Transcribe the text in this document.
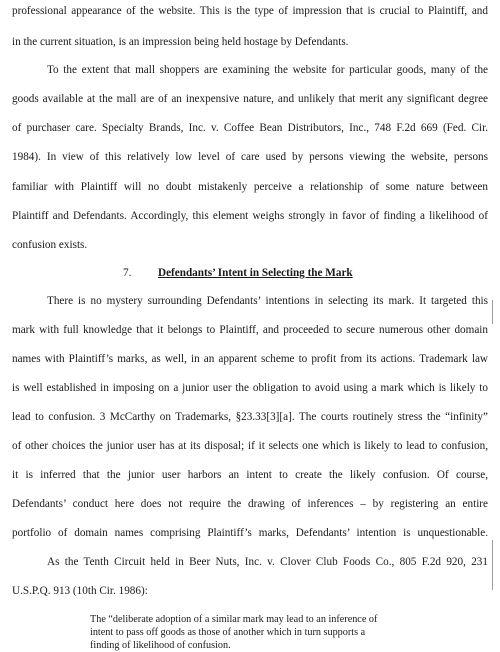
professional appearance of the website. This is the type of impression that is crucial to Plaintiff, and
in the current situation, is an impression being held hostage by Defendants.
To the extent that mall shoppers are examining the website for particular goods, many of the
goods available at the mall are of an inexpensive nature, and unlikely that merit any significant degree
of purchaser care. Specialty Brands, Inc. v. Coffee Bean Distributors, Inc., 748 F.2d 669 (Fed. Cir.
1984). In view of this relatively low level of care used by persons viewing the website, persons
familiar with Plaintiff will no doubt mistakenly perceive a relationship of some nature between
Plaintiff and Defendants. Accordingly, this element weighs strongly in favor of finding a likelihood of
confusion exists.
7. Defendants’ Intent in Selecting the Mark
There is no mystery surrounding Defendants’ intentions in selecting its mark. It targeted this
mark with full knowledge that it belongs to Plaintiff, and proceeded to secure numerous other domain
names with Plaintiff’s marks, as well, in an apparent scheme to profit from its actions. Trademark law
is well established in imposing on a junior user the obligation to avoid using a mark which is likely to
lead to confusion. 3 McCarthy on Trademarks, §23.33[3][a]. The courts routinely stress the “infinity”
of other choices the junior user has at its disposal; if it selects one which is likely to lead to confusion,
it is inferred that the junior user harbors an intent to create the likely confusion. Of course,
Defendants’ conduct here does not require the drawing of inferences – by registering an entire
portfolio of domain names comprising Plaintiff’s marks, Defendants’ intention is unquestionable.
As the Tenth Circuit held in Beer Nuts, Inc. v. Clover Club Foods Co., 805 F.2d 920, 231
U.S.P.Q. 913 (10th Cir. 1986):
The “deliberate adoption of a similar mark may lead to an inference of
intent to pass off goods as those of another which in turn supports a
finding of likelihood of confusion.
